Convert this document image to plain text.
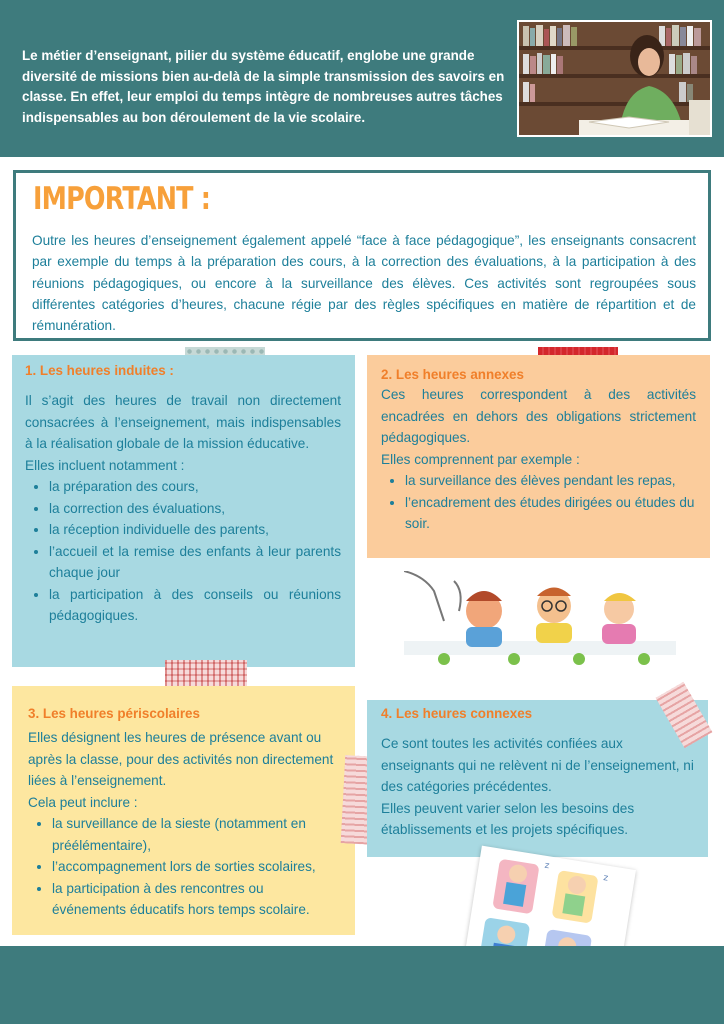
Le métier d’enseignant, pilier du système éducatif, englobe une grande diversité de missions bien au-delà de la simple transmission des savoirs en classe. En effet, leur emploi du temps intègre de nombreuses autres tâches indispensables au bon déroulement de la vie scolaire.

IMPORTANT :

Outre les heures d’enseignement également appelé “face à face pédagogique”, les enseignants consacrent par exemple du temps à la préparation des cours, à la correction des évaluations, à la participation à des réunions pédagogiques, ou encore à la surveillance des élèves. Ces activités sont regroupées sous différentes catégories d’heures, chacune régie par des règles spécifiques en matière de répartition et de rémunération.

1. Les heures induites :

Il s’agit des heures de travail non directement consacrées à l’enseignement, mais indispensables à la réalisation globale de la mission éducative.

Elles incluent notamment :

• la préparation des cours,
• la correction des évaluations,
• la réception individuelle des parents,
• l’accueil et la remise des enfants à leur parents chaque jour
• la participation à des conseils ou réunions pédagogiques.
2. Les heures annexes

Ces heures correspondent à des activités encadrées en dehors des obligations strictement pédagogiques.

Elles comprennent par exemple :

• la surveillance des élèves pendant les repas,
• l’encadrement des études dirigées ou études du soir.
3. Les heures périscolaires

Elles désignent les heures de présence avant ou après la classe, pour des activités non directement liées à l’enseignement.

Cela peut inclure :

• la surveillance de la sieste (notamment en préélémentaire),
• l’accompagnement lors de sorties scolaires,
• la participation à des rencontres ou événements éducatifs hors temps scolaire.
4. Les heures connexes

Ce sont toutes les activités confiées aux enseignants qui ne relèvent ni de l’enseignement, ni des catégories précédentes.

Elles peuvent varier selon les besoins des établissements et les projets spécifiques.

z
z
